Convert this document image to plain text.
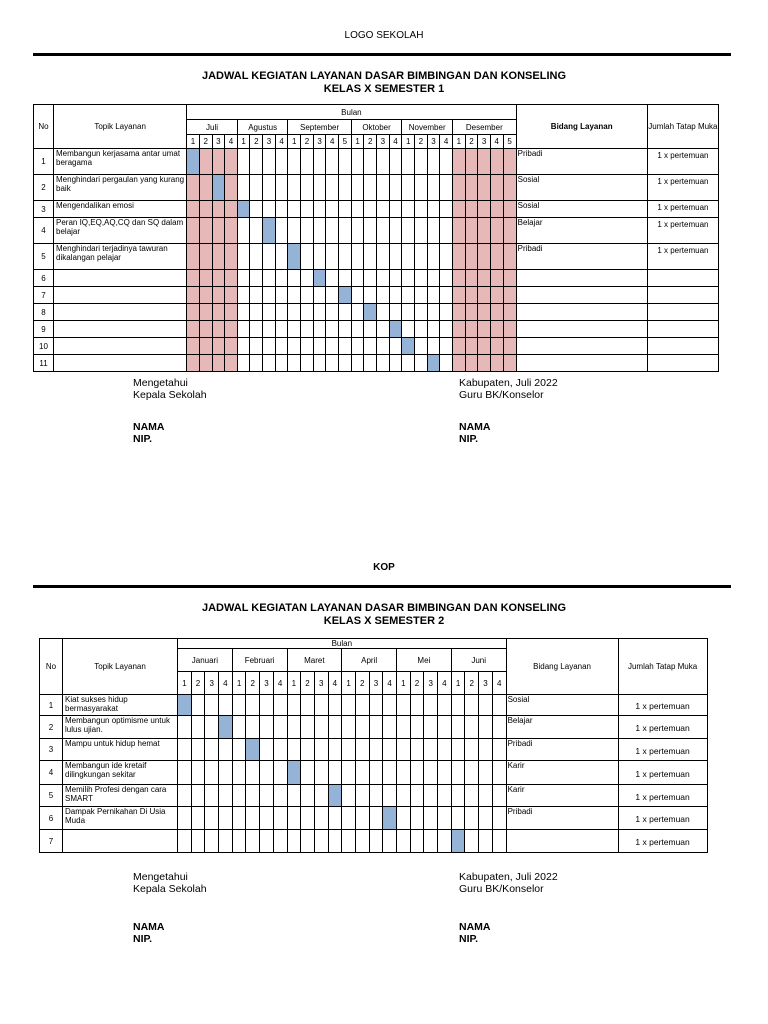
LOGO SEKOLAH
JADWAL KEGIATAN LAYANAN DASAR BIMBINGAN DAN KONSELING
KELAS X SEMESTER 1
No	Topik Layanan	Bulan																										Bidang Layanan	Jumlah Tatap Muka
		Juli				Agustus				September					Oktober				November				Desember						
		1	2	3	4	1	2	3	4	1	2	3	4	5	1	2	3	4	1	2	3	4	1	2	3	4	5		
1	Membangun kerjasama antar umat beragama																											Pribadi	1 x pertemuan
2	Menghindari pergaulan yang kurang baik																											Sosial	1 x pertemuan
3	Mengendalikan emosi																											Sosial	1 x pertemuan
4	Peran IQ,EQ,AQ,CQ dan SQ dalam belajar																											Belajar	1 x pertemuan
5	Menghindari terjadinya tawuran dikalangan pelajar																											Pribadi	1 x pertemuan
6																													
7																													
8																													
9																													
10																													
11																													
Mengetahui
Kepala Sekolah
NAMA
NIP.
Kabupaten, Juli 2022
Guru BK/Konselor
NAMA
NIP.
KOP
JADWAL KEGIATAN LAYANAN DASAR BIMBINGAN DAN KONSELING
KELAS X SEMESTER 2
No	Topik Layanan	Bulan																								Bidang Layanan	Jumlah Tatap Muka
		Januari				Februari				Maret				April				Mei				Juni					
		1	2	3	4	1	2	3	4	1	2	3	4	1	2	3	4	1	2	3	4	1	2	3	4		
1	Kiat sukses hidup bermasyarakat																									Sosial	1 x pertemuan
2	Membangun optimisme untuk lulus ujian.																									Belajar	1 x pertemuan
3	Mampu untuk hidup hemat																									Pribadi	1 x pertemuan
4	Membangun ide kretaif dilingkungan sekitar																									Karir	1 x pertemuan
5	Memilih Profesi dengan cara SMART																									Karir	1 x pertemuan
6	Dampak Pernikahan Di Usia Muda																									Pribadi	1 x pertemuan
7																											1 x pertemuan
Mengetahui
Kepala Sekolah
NAMA
NIP.
Kabupaten, Juli 2022
Guru BK/Konselor
NAMA
NIP.
